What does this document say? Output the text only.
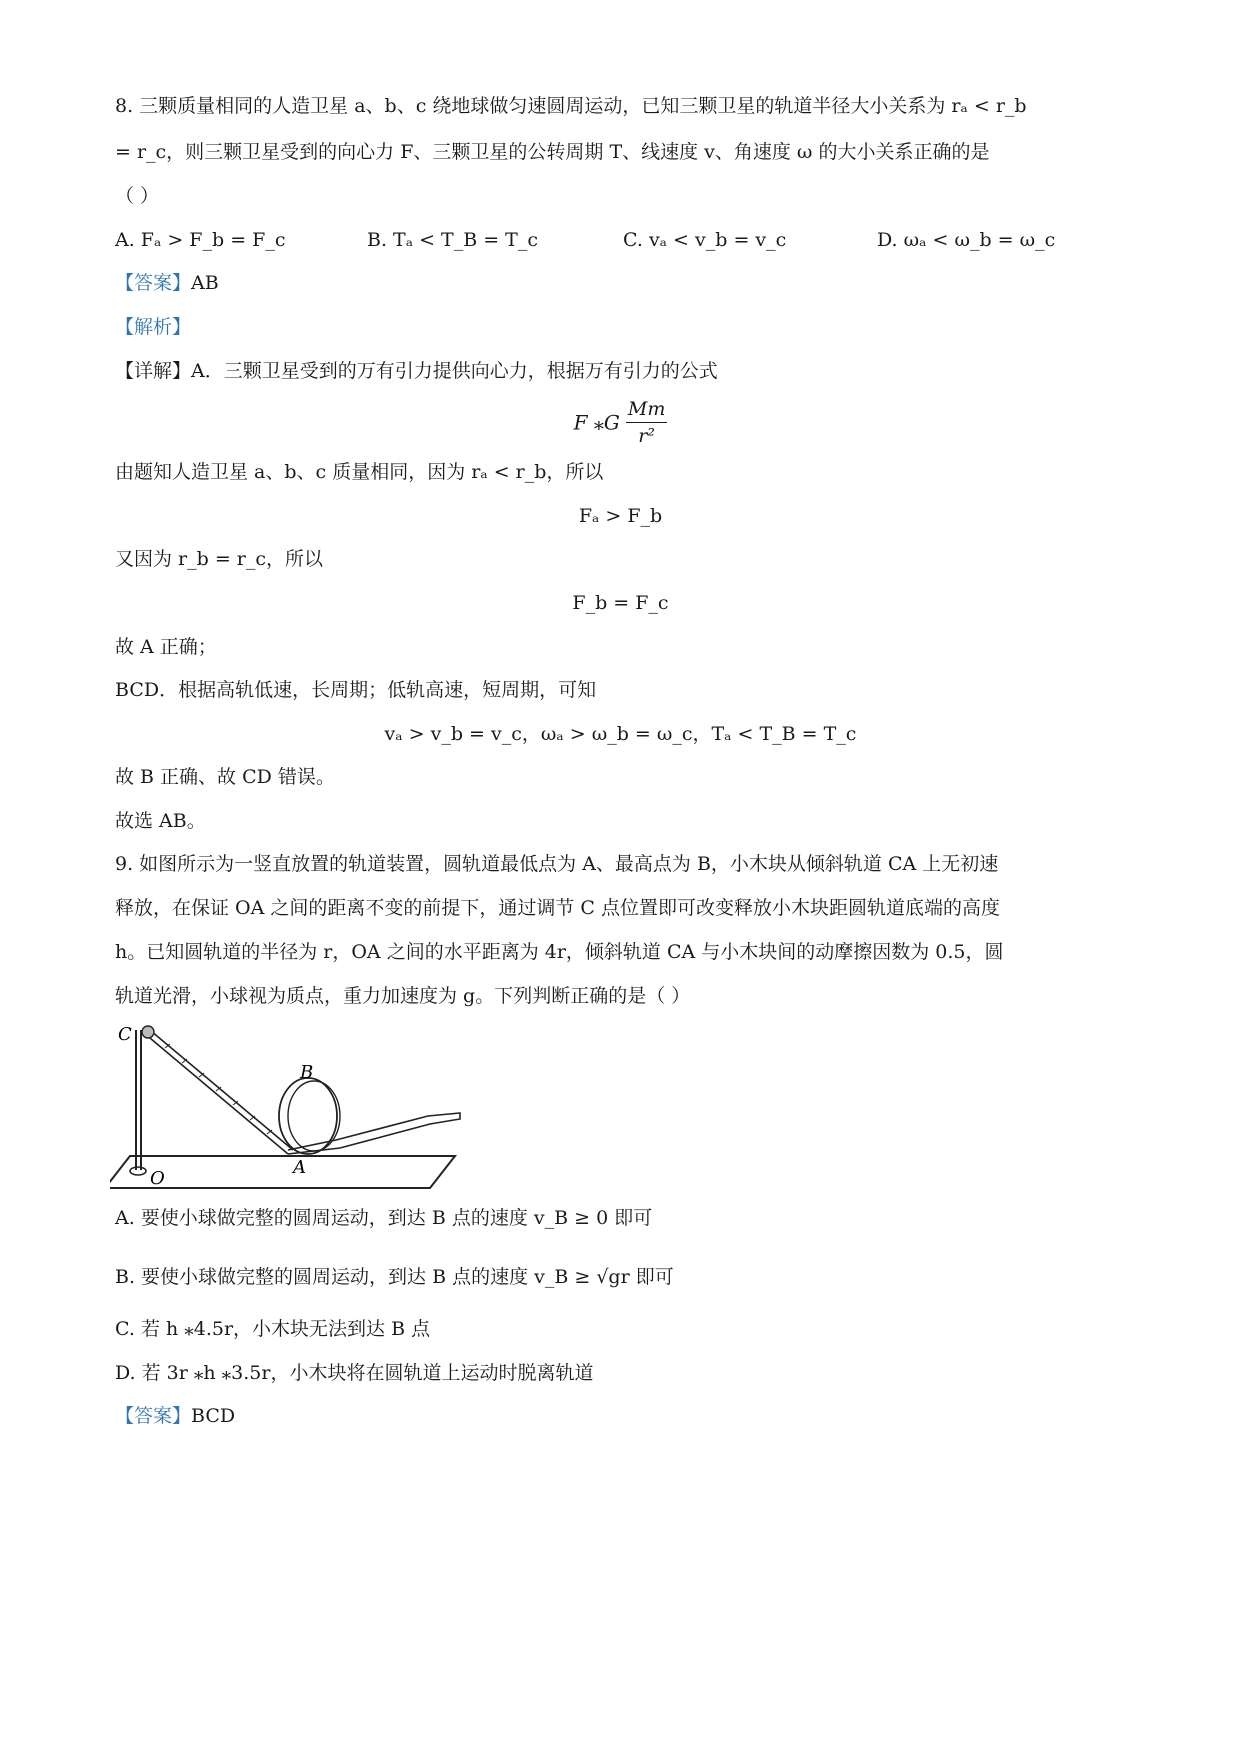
8. 三颗质量相同的人造卫星 a、b、c 绕地球做匀速圆周运动，已知三颗卫星的轨道半径大小关系为 rₐ < r_b
= r_c，则三颗卫星受到的向心力 F、三颗卫星的公转周期 T、线速度 v、角速度 ω 的大小关系正确的是
（ ）
A. Fₐ > F_b = F_c	B. Tₐ < T_B = T_c	C. vₐ < v_b = v_c	D. ωₐ < ω_b = ω_c
【答案】AB
【解析】
【详解】A．三颗卫星受到的万有引力提供向心力，根据万有引力的公式
F ⁎G $\frac{Mm}{\text{r²}}$
由题知人造卫星 a、b、c 质量相同，因为 rₐ < r_b，所以
Fₐ > F_b
又因为 r_b = r_c，所以
F_b = F_c
故 A 正确；
BCD．根据高轨低速，长周期；低轨高速，短周期，可知
vₐ > v_b = v_c，ωₐ > ω_b = ω_c，Tₐ < T_B = T_c
故 B 正确、故 CD 错误。
故选 AB。
9. 如图所示为一竖直放置的轨道装置，圆轨道最低点为 A、最高点为 B，小木块从倾斜轨道 CA 上无初速
释放，在保证 OA 之间的距离不变的前提下，通过调节 C 点位置即可改变释放小木块距圆轨道底端的高度
h。已知圆轨道的半径为 r，OA 之间的水平距离为 4r，倾斜轨道 CA 与小木块间的动摩擦因数为 0.5，圆
轨道光滑，小球视为质点，重力加速度为 g。下列判断正确的是（ ）
C
B
O
A
A. 要使小球做完整的圆周运动，到达 B 点的速度 v_B ≥ 0 即可
B. 要使小球做完整的圆周运动，到达 B 点的速度 v_B ≥ √gr 即可
C. 若 h ⁎4.5r，小木块无法到达 B 点
D. 若 3r ⁎h ⁎3.5r，小木块将在圆轨道上运动时脱离轨道
【答案】BCD
